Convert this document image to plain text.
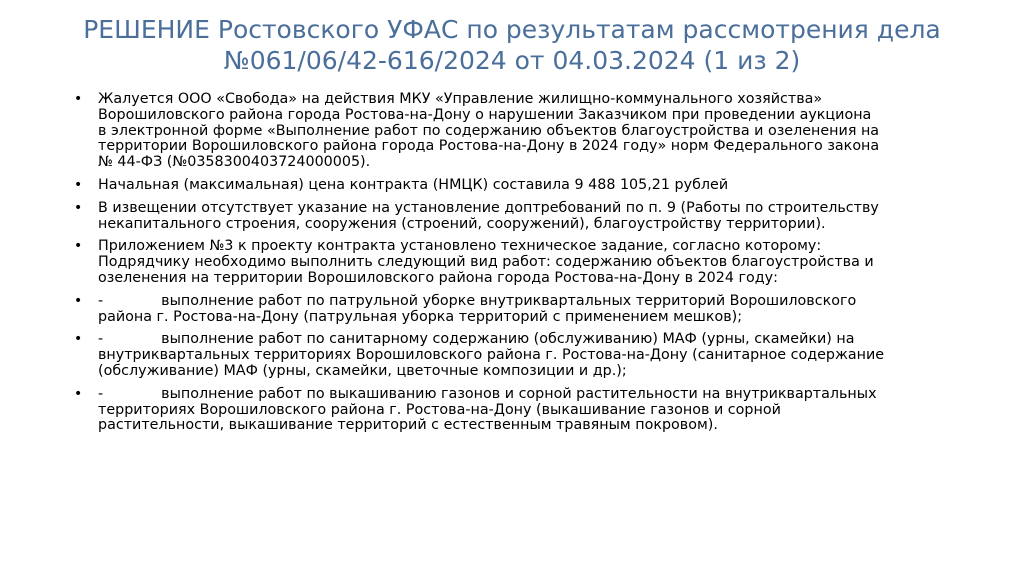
РЕШЕНИЕ Ростовского УФАС по результатам рассмотрения дела
№061/06/42-616/2024 от 04.03.2024 (1 из 2)
• Жалуется ООО «Свобода» на действия МКУ «Управление жилищно-коммунального хозяйства»
Ворошиловского района города Ростова-на-Дону о нарушении Заказчиком при проведении аукциона
в электронной форме «Выполнение работ по содержанию объектов благоустройства и озеленения на
территории Ворошиловского района города Ростова-на-Дону в 2024 году» норм Федерального закона
№ 44-ФЗ (№0358300403724000005).
• Начальная (максимальная) цена контракта (НМЦК) составила 9 488 105,21 рублей
• В извещении отсутствует указание на установление доптребований по п. 9 (Работы по строительству
некапитального строения, сооружения (строений, сооружений), благоустройству территории).
• Приложением №3 к проекту контракта установлено техническое задание, согласно которому:
Подрядчику необходимо выполнить следующий вид работ: содержанию объектов благоустройства и
озеленения на территории Ворошиловского района города Ростова-на-Дону в 2024 году:
• -	выполнение работ по патрульной уборке внутриквартальных территорий Ворошиловского
района г. Ростова-на-Дону (патрульная уборка территорий с применением мешков);
• -	выполнение работ по санитарному содержанию (обслуживанию) МАФ (урны, скамейки) на
внутриквартальных территориях Ворошиловского района г. Ростова-на-Дону (санитарное содержание
(обслуживание) МАФ (урны, скамейки, цветочные композиции и др.);
• -	выполнение работ по выкашиванию газонов и сорной растительности на внутриквартальных
территориях Ворошиловского района г. Ростова-на-Дону (выкашивание газонов и сорной
растительности, выкашивание территорий с естественным травяным покровом).
